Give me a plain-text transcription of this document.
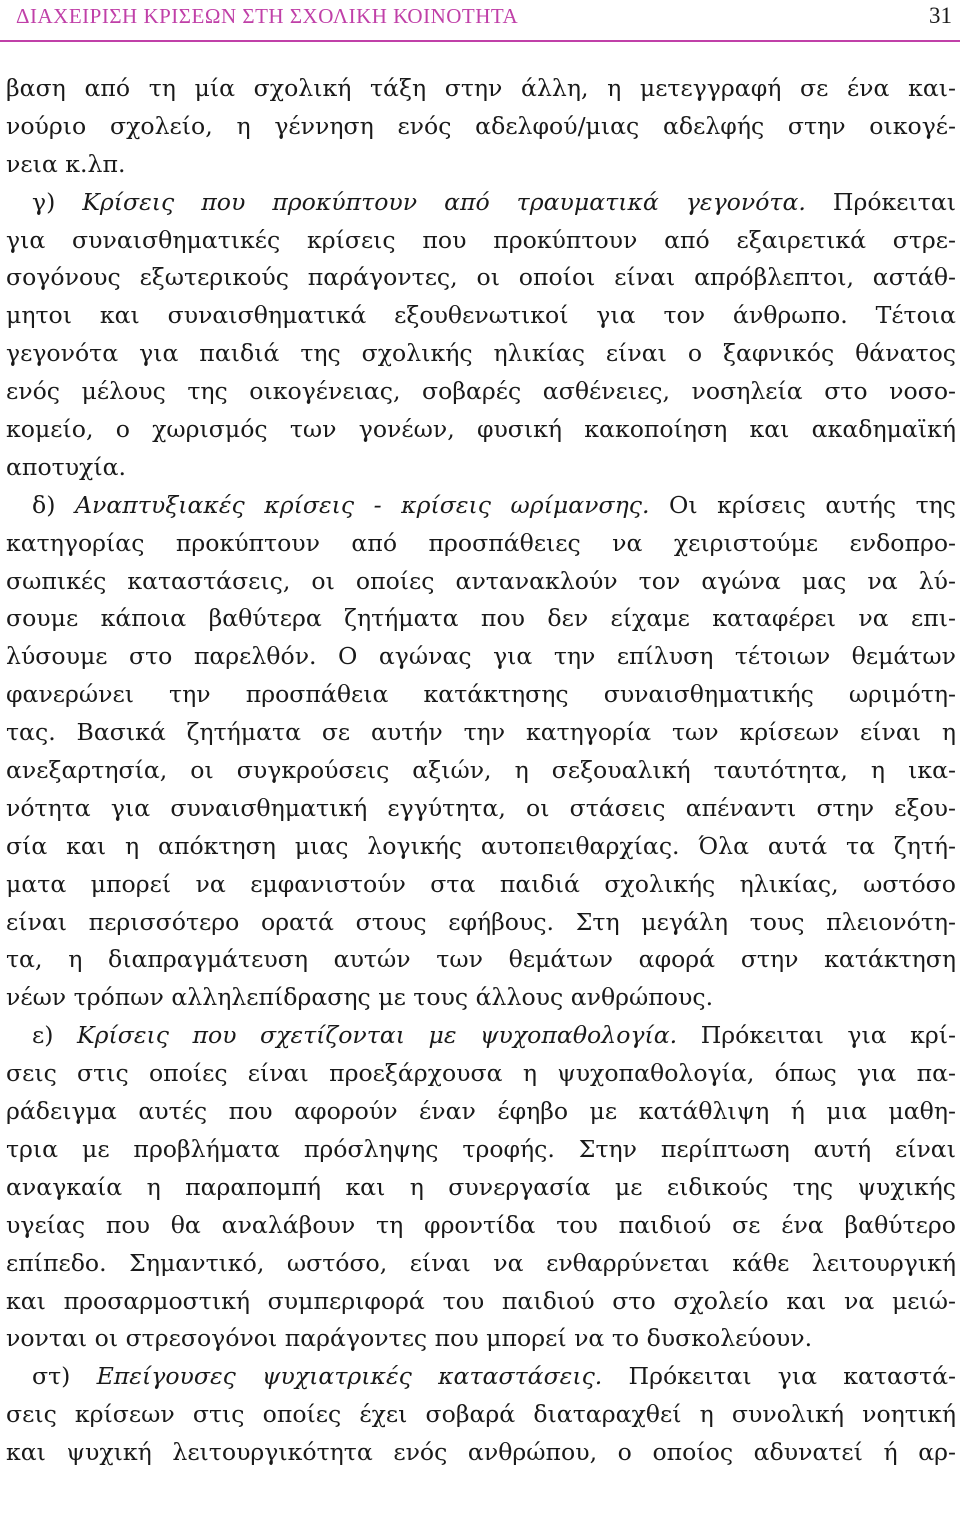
ΔΙΑΧΕΙΡΙΣΗ ΚΡΙΣΕΩΝ ΣΤΗ ΣΧΟΛΙΚΗ ΚΟΙΝΟΤΗΤΑ	31
βαση από τη μία σχολική τάξη στην άλλη, η μετεγγραφή σε ένα και-
νούριο σχολείο, η γέννηση ενός αδελφού/μιας αδελφής στην οικογέ-
νεια κ.λπ.
γ) Κρίσεις που προκύπτουν από τραυματικά γεγονότα. Πρόκειται
για συναισθηματικές κρίσεις που προκύπτουν από εξαιρετικά στρε-
σογόνους εξωτερικούς παράγοντες, οι οποίοι είναι απρόβλεπτοι, αστάθ-
μητοι και συναισθηματικά εξουθενωτικοί για τον άνθρωπο. Τέτοια
γεγονότα για παιδιά της σχολικής ηλικίας είναι ο ξαφνικός θάνατος
ενός μέλους της οικογένειας, σοβαρές ασθένειες, νοσηλεία στο νοσο-
κομείο, ο χωρισμός των γονέων, φυσική κακοποίηση και ακαδημαϊκή
αποτυχία.
δ) Αναπτυξιακές κρίσεις - κρίσεις ωρίμανσης. Οι κρίσεις αυτής της
κατηγορίας προκύπτουν από προσπάθειες να χειριστούμε ενδοπρο-
σωπικές καταστάσεις, οι οποίες αντανακλούν τον αγώνα μας να λύ-
σουμε κάποια βαθύτερα ζητήματα που δεν είχαμε καταφέρει να επι-
λύσουμε στο παρελθόν. Ο αγώνας για την επίλυση τέτοιων θεμάτων
φανερώνει την προσπάθεια κατάκτησης συναισθηματικής ωριμότη-
τας. Βασικά ζητήματα σε αυτήν την κατηγορία των κρίσεων είναι η
ανεξαρτησία, οι συγκρούσεις αξιών, η σεξουαλική ταυτότητα, η ικα-
νότητα για συναισθηματική εγγύτητα, οι στάσεις απέναντι στην εξου-
σία και η απόκτηση μιας λογικής αυτοπειθαρχίας. Όλα αυτά τα ζητή-
ματα μπορεί να εμφανιστούν στα παιδιά σχολικής ηλικίας, ωστόσο
είναι περισσότερο ορατά στους εφήβους. Στη μεγάλη τους πλειονότη-
τα, η διαπραγμάτευση αυτών των θεμάτων αφορά στην κατάκτηση
νέων τρόπων αλληλεπίδρασης με τους άλλους ανθρώπους.
ε) Κρίσεις που σχετίζονται με ψυχοπαθολογία. Πρόκειται για κρί-
σεις στις οποίες είναι προεξάρχουσα η ψυχοπαθολογία, όπως για πα-
ράδειγμα αυτές που αφορούν έναν έφηβο με κατάθλιψη ή μια μαθη-
τρια με προβλήματα πρόσληψης τροφής. Στην περίπτωση αυτή είναι
αναγκαία η παραπομπή και η συνεργασία με ειδικούς της ψυχικής
υγείας που θα αναλάβουν τη φροντίδα του παιδιού σε ένα βαθύτερο
επίπεδο. Σημαντικό, ωστόσο, είναι να ενθαρρύνεται κάθε λειτουργική
και προσαρμοστική συμπεριφορά του παιδιού στο σχολείο και να μειώ-
νονται οι στρεσογόνοι παράγοντες που μπορεί να το δυσκολεύουν.
στ) Επείγουσες ψυχιατρικές καταστάσεις. Πρόκειται για καταστά-
σεις κρίσεων στις οποίες έχει σοβαρά διαταραχθεί η συνολική νοητική
και ψυχική λειτουργικότητα ενός ανθρώπου, ο οποίος αδυνατεί ή αρ-
